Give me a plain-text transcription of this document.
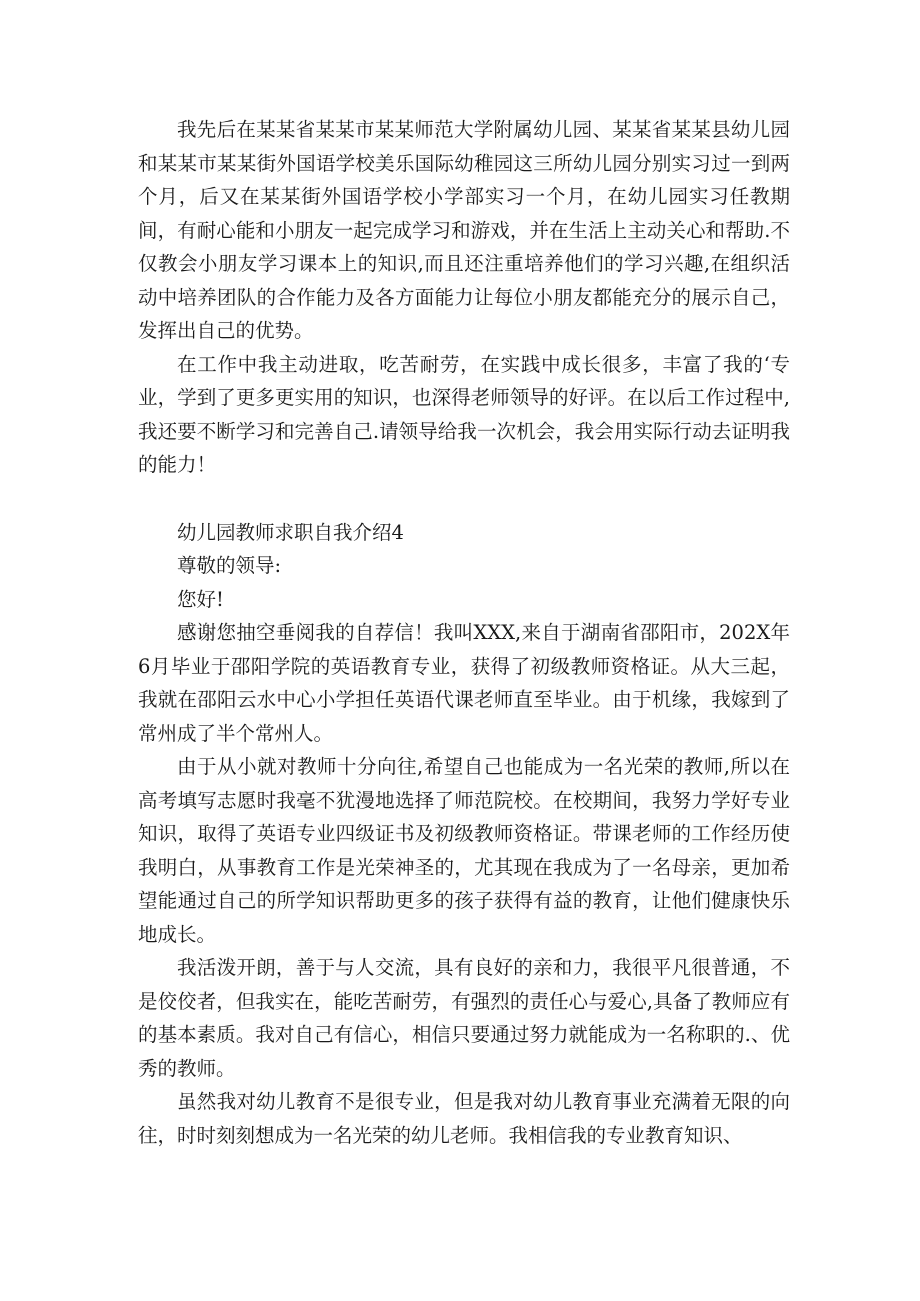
我先后在某某省某某市某某师范大学附属幼儿园、某某省某某县幼儿园和某某市某某街外国语学校美乐国际幼稚园这三所幼儿园分别实习过一到两个月，后又在某某街外国语学校小学部实习一个月，在幼儿园实习任教期间，有耐心能和小朋友一起完成学习和游戏，并在生活上主动关心和帮助.不仅教会小朋友学习课本上的知识,而且还注重培养他们的学习兴趣,在组织活动中培养团队的合作能力及各方面能力让每位小朋友都能充分的展示自己，发挥出自己的优势。

在工作中我主动进取，吃苦耐劳，在实践中成长很多，丰富了我的‘专业，学到了更多更实用的知识，也深得老师领导的好评。在以后工作过程中,我还要不断学习和完善自己.请领导给我一次机会，我会用实际行动去证明我的能力！

幼儿园教师求职自我介绍4

尊敬的领导:

您好!

感谢您抽空垂阅我的自荐信！我叫XXX,来自于湖南省邵阳市，202X年6月毕业于邵阳学院的英语教育专业，获得了初级教师资格证。从大三起，我就在邵阳云水中心小学担任英语代课老师直至毕业。由于机缘，我嫁到了常州成了半个常州人。

由于从小就对教师十分向往,希望自己也能成为一名光荣的教师,所以在高考填写志愿时我毫不犹漫地选择了师范院校。在校期间，我努力学好专业知识，取得了英语专业四级证书及初级教师资格证。带课老师的工作经历使我明白，从事教育工作是光荣神圣的，尤其现在我成为了一名母亲，更加希望能通过自己的所学知识帮助更多的孩子获得有益的教育，让他们健康快乐地成长。

我活泼开朗，善于与人交流，具有良好的亲和力，我很平凡很普通，不是佼佼者，但我实在，能吃苦耐劳，有强烈的责任心与爱心,具备了教师应有的基本素质。我对自己有信心，相信只要通过努力就能成为一名称职的.、优秀的教师。

虽然我对幼儿教育不是很专业，但是我对幼儿教育事业充满着无限的向往，时时刻刻想成为一名光荣的幼儿老师。我相信我的专业教育知识、
